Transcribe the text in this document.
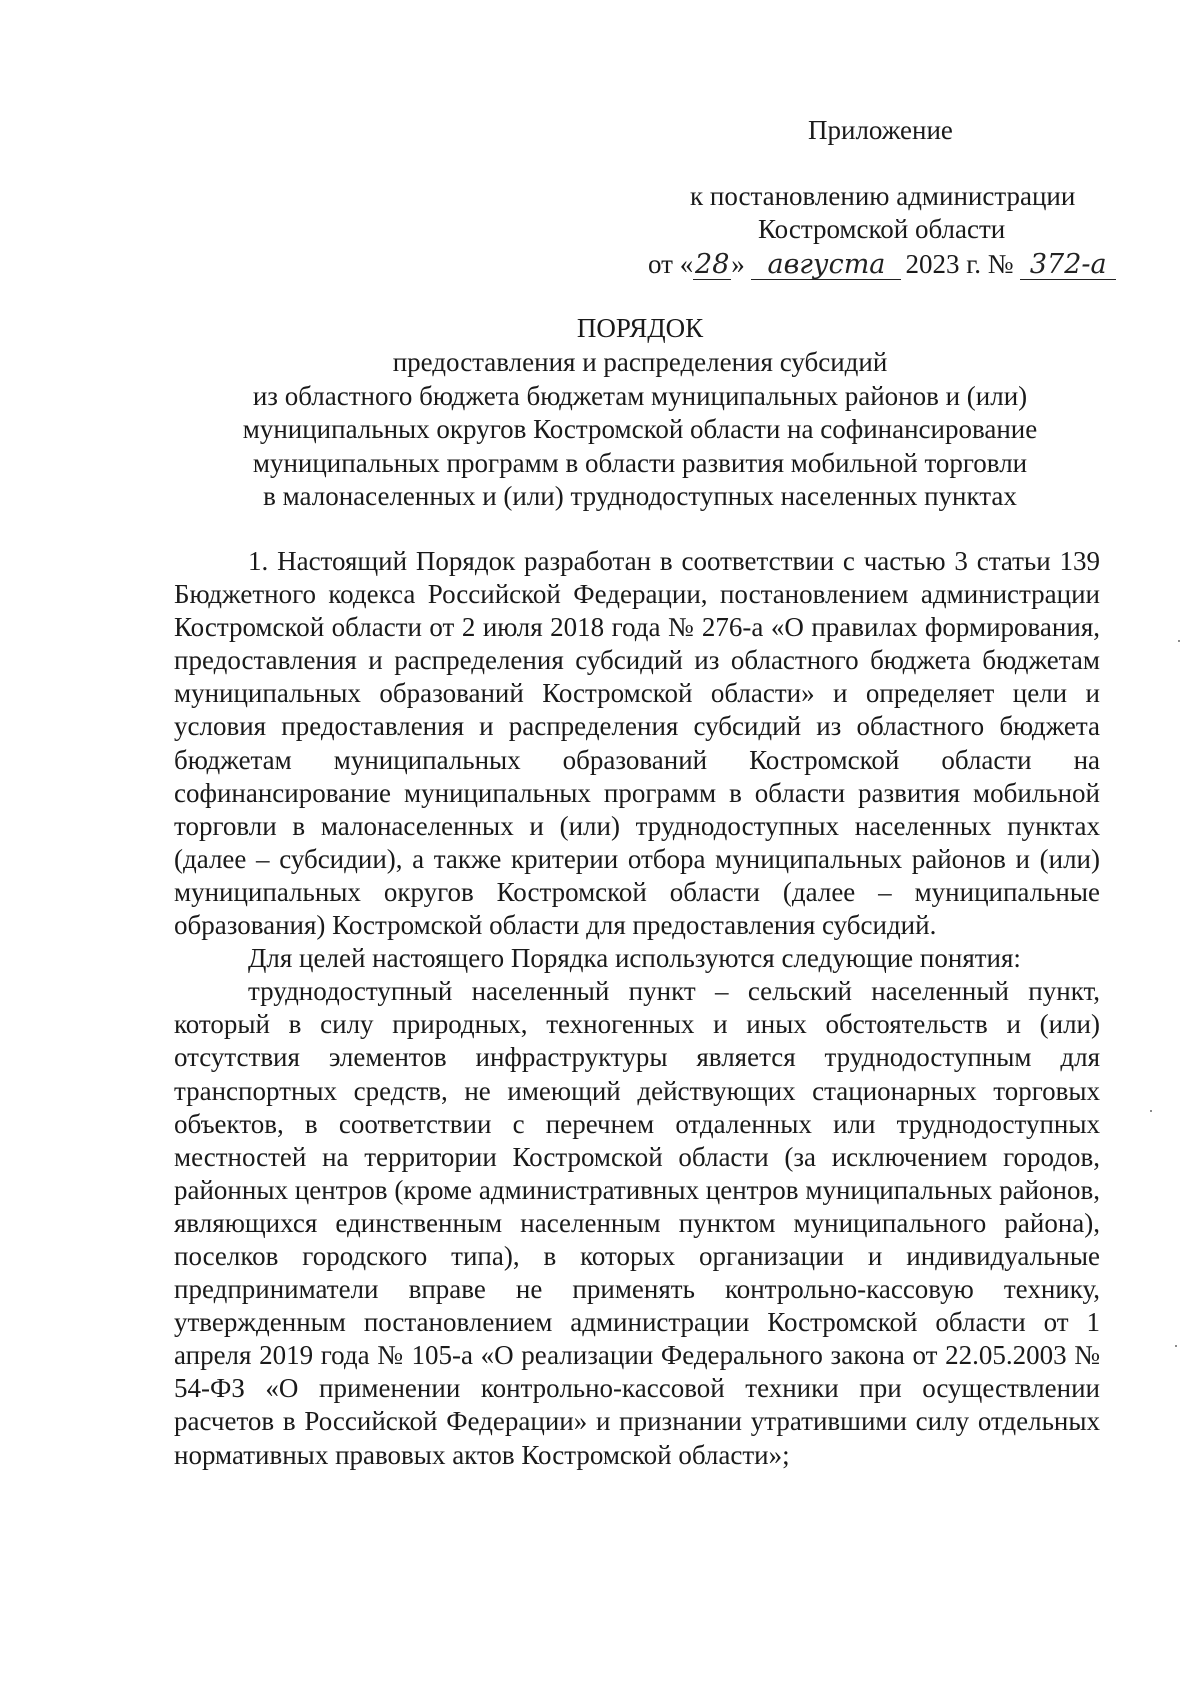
Приложение
к постановлению администрации
Костромской области
от «28» августа 2023 г. № 372-а
ПОРЯДОК
предоставления и распределения субсидий
из областного бюджета бюджетам муниципальных районов и (или)
муниципальных округов Костромской области на софинансирование
муниципальных программ в области развития мобильной торговли
в малонаселенных и (или) труднодоступных населенных пунктах

1. Настоящий Порядок разработан в соответствии с частью 3 статьи 139 Бюджетного кодекса Российской Федерации, постановлением администрации Костромской области от 2 июля 2018 года № 276-а «О правилах формирования, предоставления и распределения субсидий из областного бюджета бюджетам муниципальных образований Костромской области» и определяет цели и условия предоставления и распределения субсидий из областного бюджета бюджетам муниципальных образований Костромской области на софинансирование муниципальных программ в области развития мобильной торговли в малонаселенных и (или) труднодоступных населенных пунктах (далее – субсидии), а также критерии отбора муниципальных районов и (или) муниципальных округов Костромской области (далее – муниципальные образования) Костромской области для предоставления субсидий.

Для целей настоящего Порядка используются следующие понятия:

труднодоступный населенный пункт – сельский населенный пункт, который в силу природных, техногенных и иных обстоятельств и (или) отсутствия элементов инфраструктуры является труднодоступным для транспортных средств, не имеющий действующих стационарных торговых объектов, в соответствии с перечнем отдаленных или труднодоступных местностей на территории Костромской области (за исключением городов, районных центров (кроме административных центров муниципальных районов, являющихся единственным населенным пунктом муниципального района), поселков городского типа), в которых организации и индивидуальные предприниматели вправе не применять контрольно-кассовую технику, утвержденным постановлением администрации Костромской области от 1 апреля 2019 года № 105-а «О реализации Федерального закона от 22.05.2003 № 54-ФЗ «О применении контрольно-кассовой техники при осуществлении расчетов в Российской Федерации» и признании утратившими силу отдельных нормативных правовых актов Костромской области»;
